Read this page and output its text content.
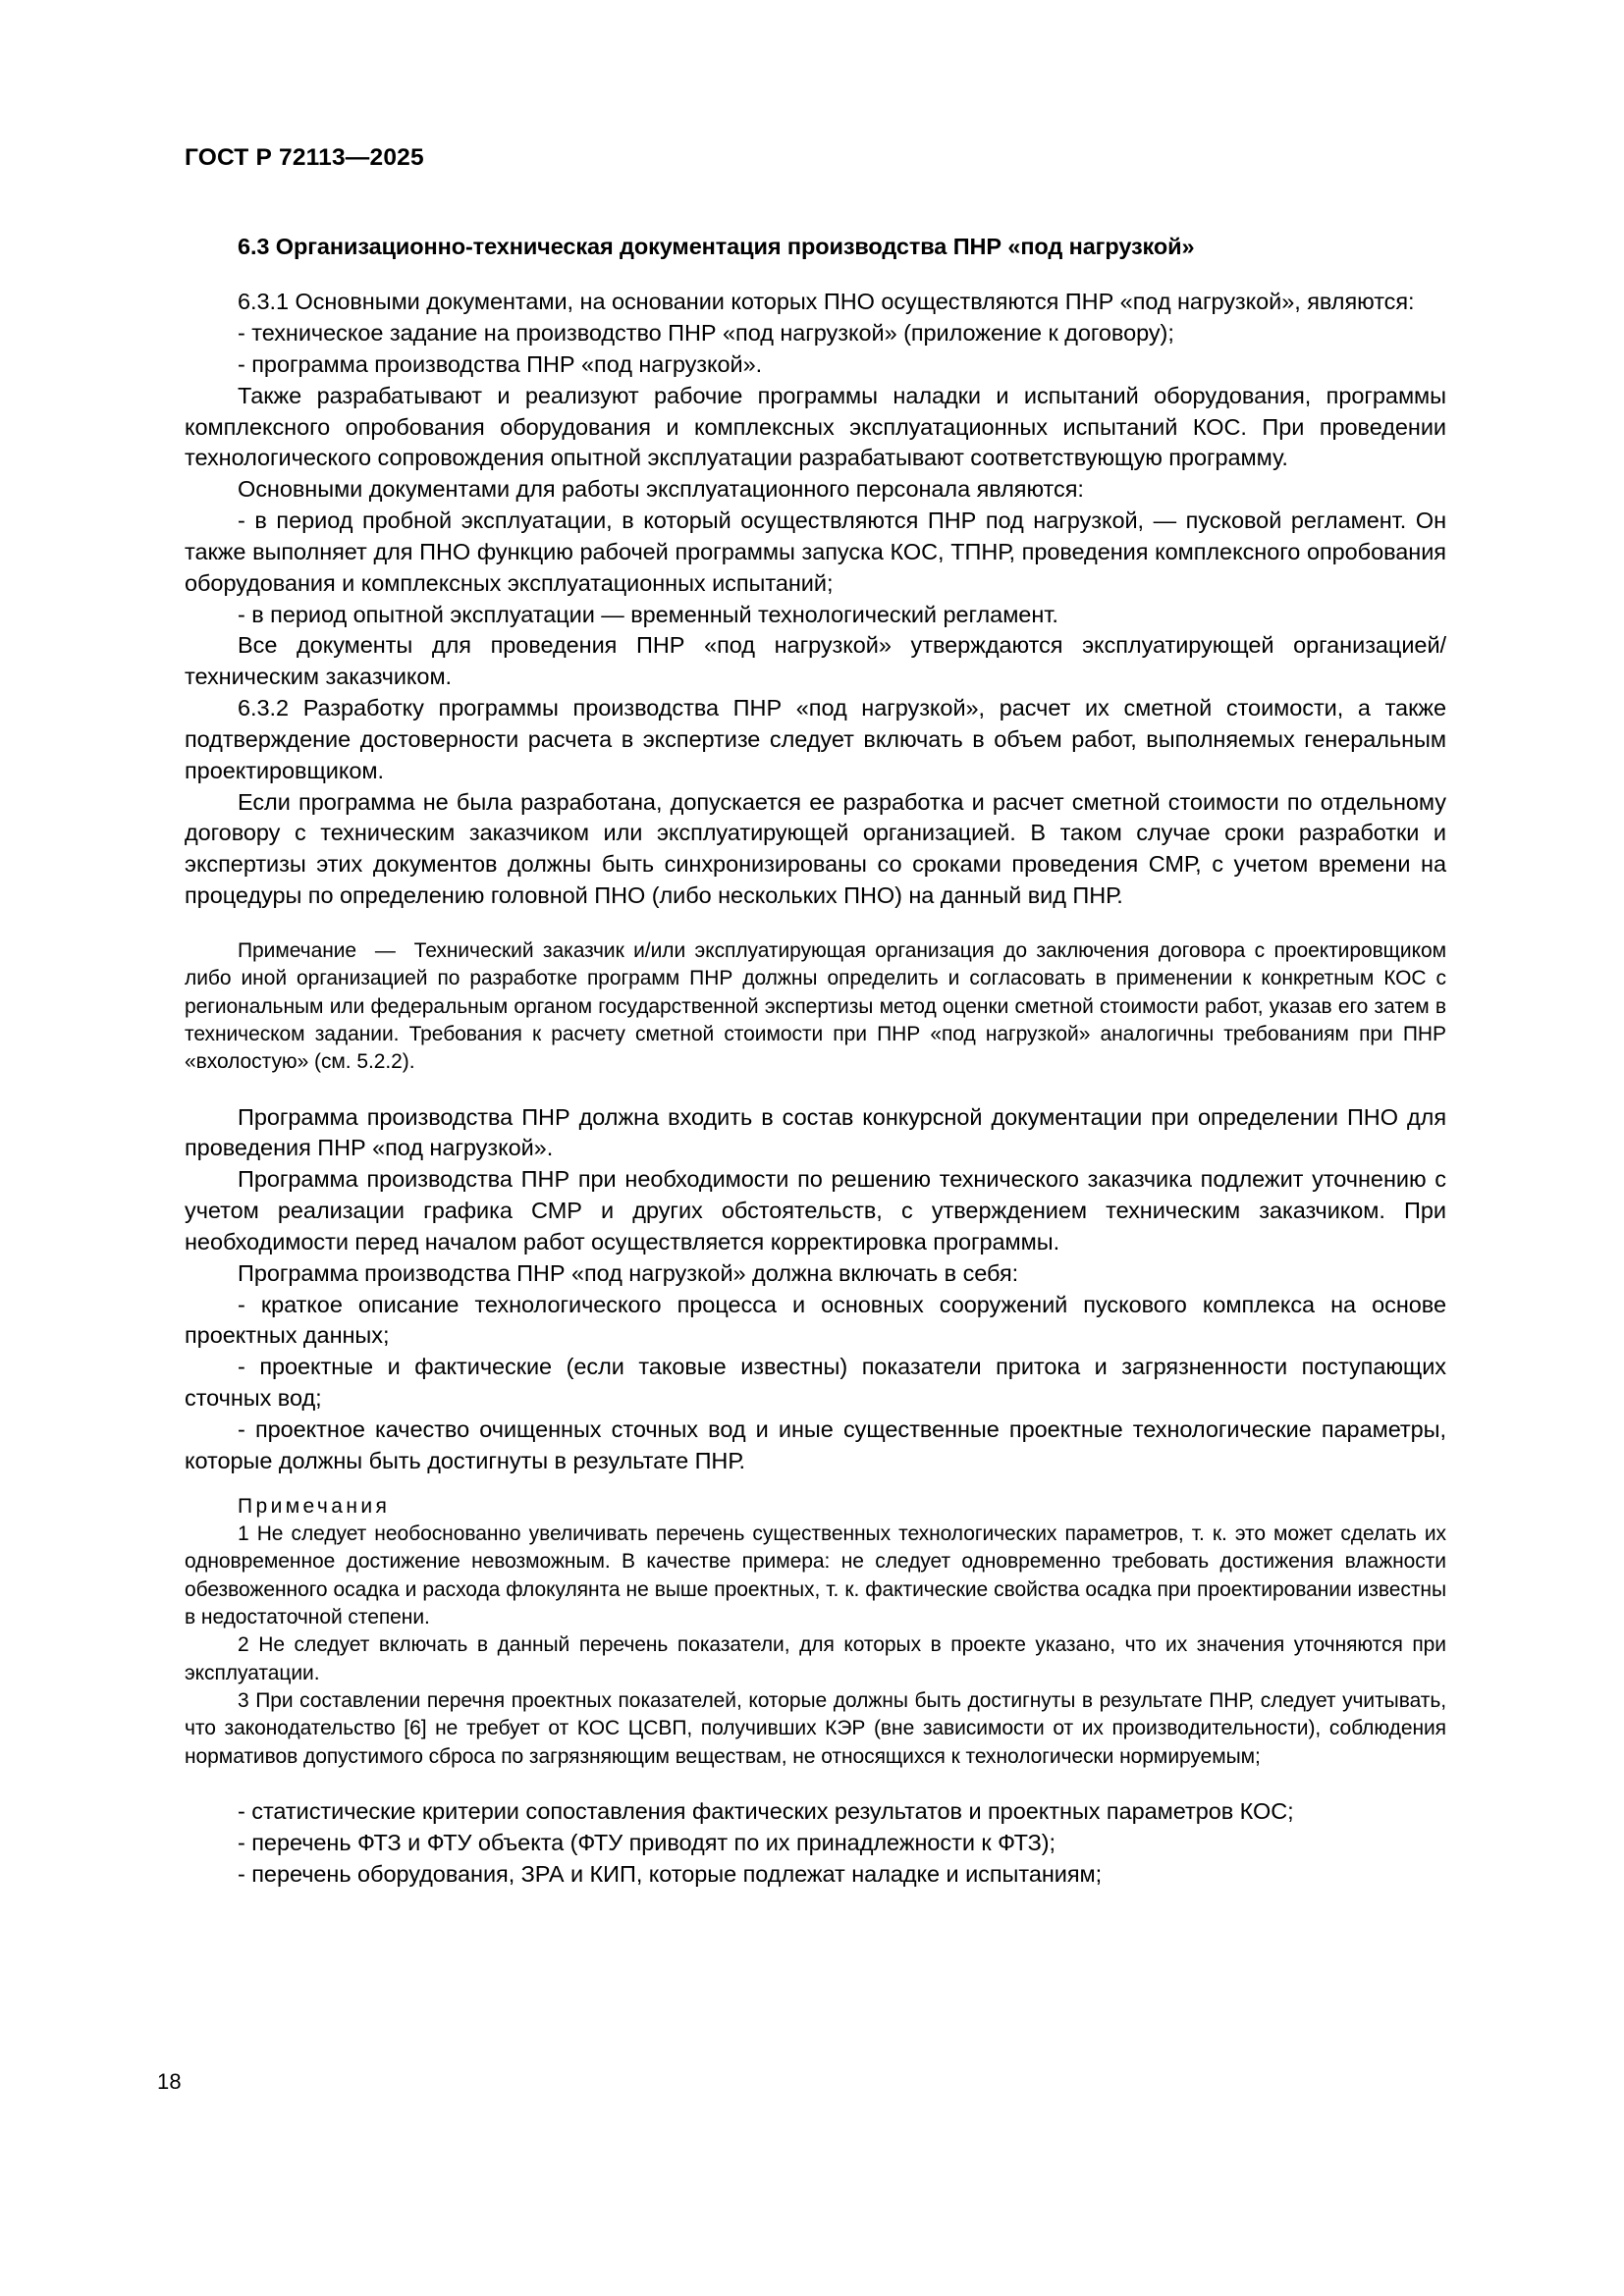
ГОСТ Р 72113—2025
6.3 Организационно-техническая документация производства ПНР «под нагрузкой»

6.3.1 Основными документами, на основании которых ПНО осуществляются ПНР «под нагрузкой», являются:

- техническое задание на производство ПНР «под нагрузкой» (приложение к договору);

- программа производства ПНР «под нагрузкой».

Также разрабатывают и реализуют рабочие программы наладки и испытаний оборудования, программы комплексного опробования оборудования и комплексных эксплуатационных испытаний КОС. При проведении технологического сопровождения опытной эксплуатации разрабатывают соответствующую программу.

Основными документами для работы эксплуатационного персонала являются:

- в период пробной эксплуатации, в который осуществляются ПНР под нагрузкой, — пусковой регламент. Он также выполняет для ПНО функцию рабочей программы запуска КОС, ТПНР, проведения комплексного опробования оборудования и комплексных эксплуатационных испытаний;

- в период опытной эксплуатации — временный технологический регламент.

Все документы для проведения ПНР «под нагрузкой» утверждаются эксплуатирующей организацией/техническим заказчиком.

6.3.2 Разработку программы производства ПНР «под нагрузкой», расчет их сметной стоимости, а также подтверждение достоверности расчета в экспертизе следует включать в объем работ, выполняемых генеральным проектировщиком.

Если программа не была разработана, допускается ее разработка и расчет сметной стоимости по отдельному договору с техническим заказчиком или эксплуатирующей организацией. В таком случае сроки разработки и экспертизы этих документов должны быть синхронизированы со сроками проведения СМР, с учетом времени на процедуры по определению головной ПНО (либо нескольких ПНО) на данный вид ПНР.

Примечание  —  Технический заказчик и/или эксплуатирующая организация до заключения договора с проектировщиком либо иной организацией по разработке программ ПНР должны определить и согласовать в применении к конкретным КОС с региональным или федеральным органом государственной экспертизы метод оценки сметной стоимости работ, указав его затем в техническом задании. Требования к расчету сметной стоимости при ПНР «под нагрузкой» аналогичны требованиям при ПНР «вхолостую» (см. 5.2.2).

Программа производства ПНР должна входить в состав конкурсной документации при определении ПНО для проведения ПНР «под нагрузкой».

Программа производства ПНР при необходимости по решению технического заказчика подлежит уточнению с учетом реализации графика СМР и других обстоятельств, с утверждением техническим заказчиком. При необходимости перед началом работ осуществляется корректировка программы.

Программа производства ПНР «под нагрузкой» должна включать в себя:

- краткое описание технологического процесса и основных сооружений пускового комплекса на основе проектных данных;

- проектные и фактические (если таковые известны) показатели притока и загрязненности поступающих сточных вод;

- проектное качество очищенных сточных вод и иные существенные проектные технологические параметры, которые должны быть достигнуты в результате ПНР.

Примечания

1 Не следует необоснованно увеличивать перечень существенных технологических параметров, т. к. это может сделать их одновременное достижение невозможным. В качестве примера: не следует одновременно требовать достижения влажности обезвоженного осадка и расхода флокулянта не выше проектных, т. к. фактические свойства осадка при проектировании известны в недостаточной степени.

2 Не следует включать в данный перечень показатели, для которых в проекте указано, что их значения уточняются при эксплуатации.

3 При составлении перечня проектных показателей, которые должны быть достигнуты в результате ПНР, следует учитывать, что законодательство [6] не требует от КОС ЦСВП, получивших КЭР (вне зависимости от их производительности), соблюдения нормативов допустимого сброса по загрязняющим веществам, не относящихся к технологически нормируемым;

- статистические критерии сопоставления фактических результатов и проектных параметров КОС;

- перечень ФТЗ и ФТУ объекта (ФТУ приводят по их принадлежности к ФТЗ);

- перечень оборудования, ЗРА и КИП, которые подлежат наладке и испытаниям;

18
